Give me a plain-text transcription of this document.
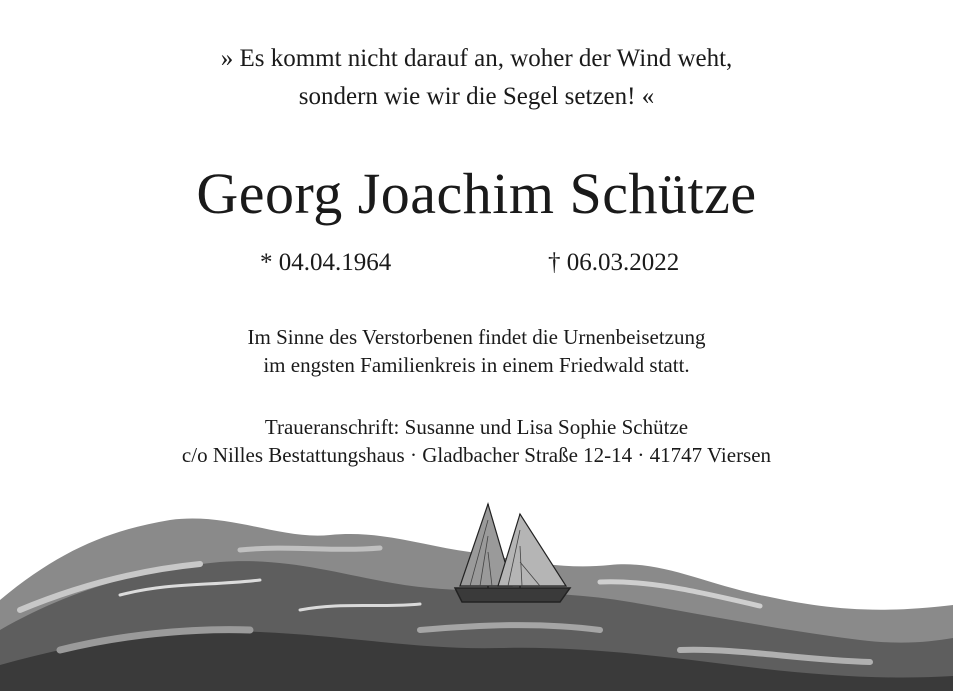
» Es kommt nicht darauf an, woher der Wind weht,
sondern wie wir die Segel setzen! «
Georg Joachim Schütze
* 04.04.1964	† 06.03.2022
Im Sinne des Verstorbenen findet die Urnenbeisetzung
im engsten Familienkreis in einem Friedwald statt.
Traueranschrift: Susanne und Lisa Sophie Schütze
c/o Nilles Bestattungshaus · Gladbacher Straße 12-14 · 41747 Viersen
